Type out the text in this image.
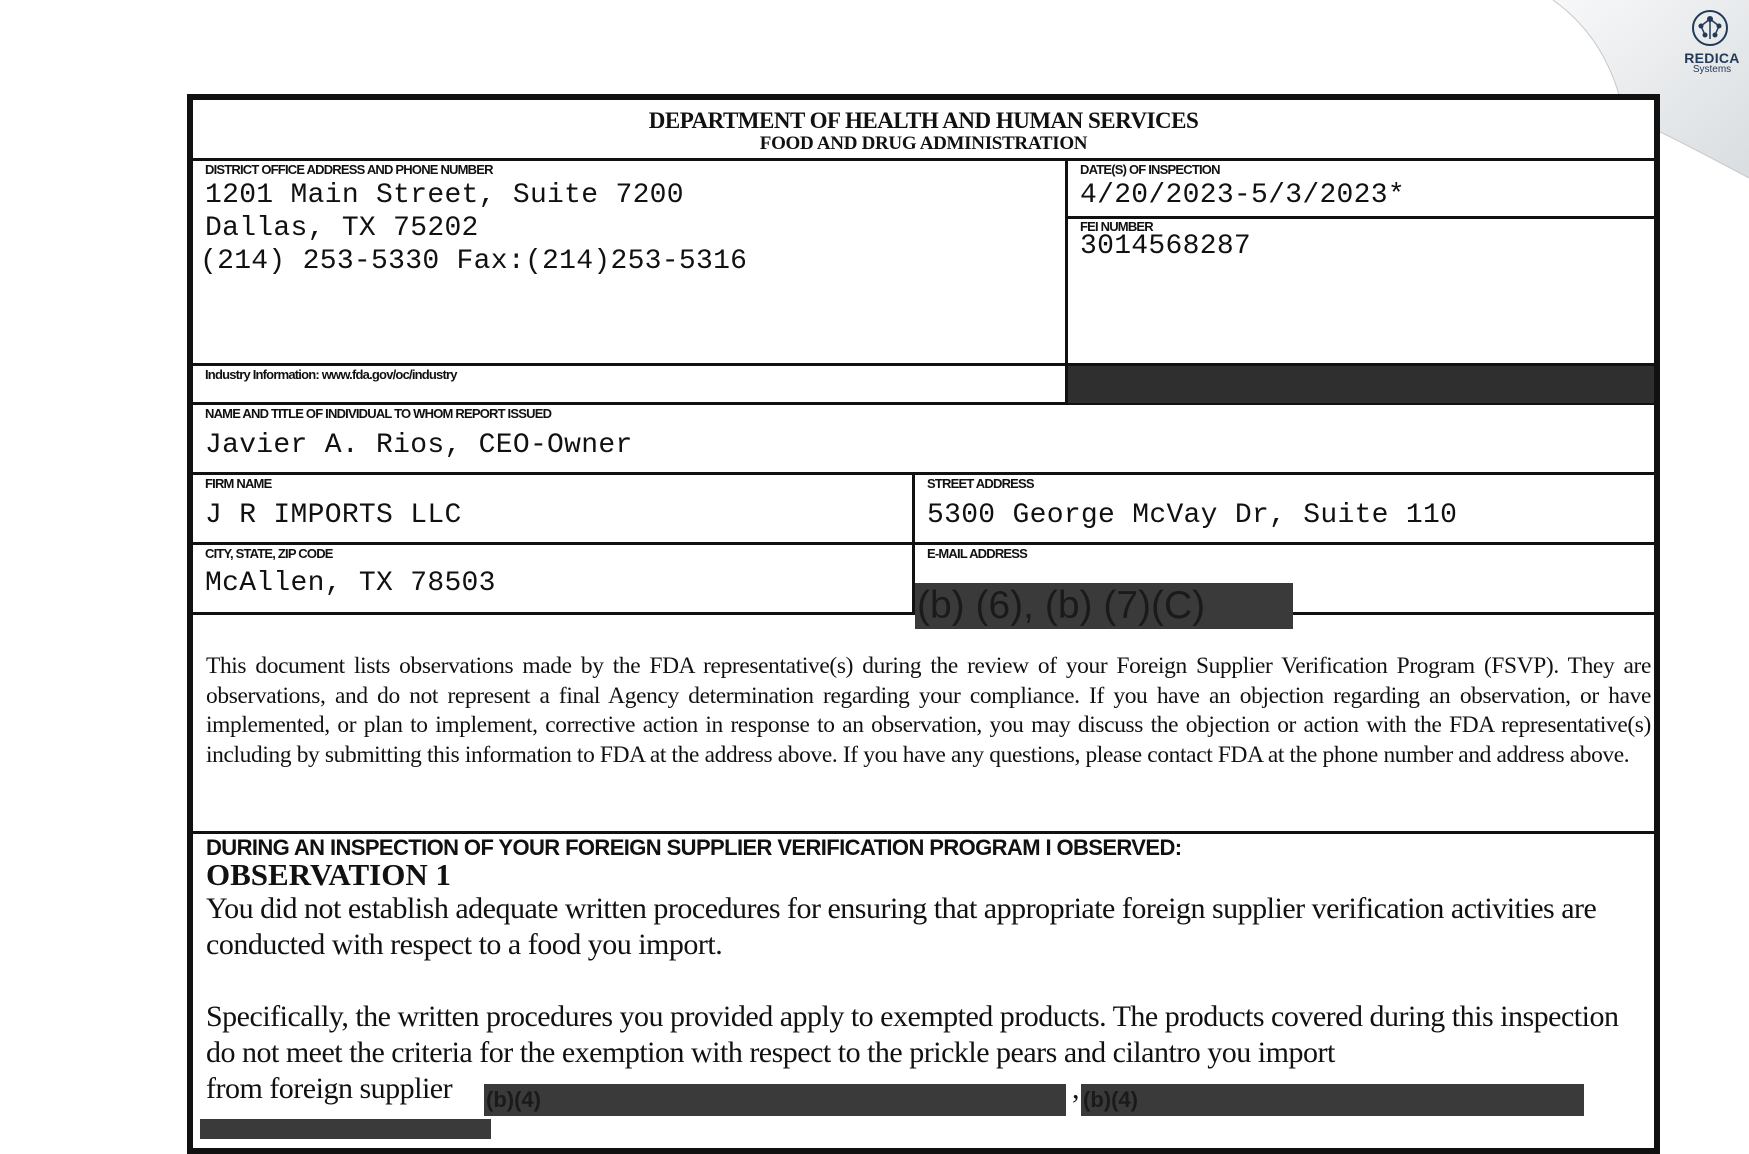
REDICA
Systems
DEPARTMENT OF HEALTH AND HUMAN SERVICES
FOOD AND DRUG ADMINISTRATION
DISTRICT OFFICE ADDRESS AND PHONE NUMBER
1201 Main Street, Suite 7200
Dallas, TX 75202
(214) 253-5330 Fax:(214)253-5316
DATE(S) OF INSPECTION
4/20/2023-5/3/2023*
FEI NUMBER
3014568287
Industry Information: www.fda.gov/oc/industry
NAME AND TITLE OF INDIVIDUAL TO WHOM REPORT ISSUED
Javier A. Rios, CEO-Owner
FIRM NAME
J R IMPORTS LLC
STREET ADDRESS
5300 George McVay Dr, Suite 110
CITY, STATE, ZIP CODE
McAllen, TX 78503
E-MAIL ADDRESS
(b) (6), (b) (7)(C)
This document lists observations made by the FDA representative(s) during the review of your Foreign Supplier Verification Program (FSVP). They are observations, and do not represent a final Agency determination regarding your compliance. If you have an objection regarding an observation, or have implemented, or plan to implement, corrective action in response to an observation, you may discuss the objection or action with the FDA representative(s) including by submitting this information to FDA at the address above. If you have any questions, please contact FDA at the phone number and address above.
DURING AN INSPECTION OF YOUR FOREIGN SUPPLIER VERIFICATION PROGRAM I OBSERVED:
OBSERVATION 1
You did not establish adequate written procedures for ensuring that appropriate foreign supplier verification activities are conducted with respect to a food you import.
Specifically, the written procedures you provided apply to exempted products. The products covered during this inspection do not meet the criteria for the exemption with respect to the prickle pears and cilantro you import
from foreign supplier (b)(4)	, (b)(4)
